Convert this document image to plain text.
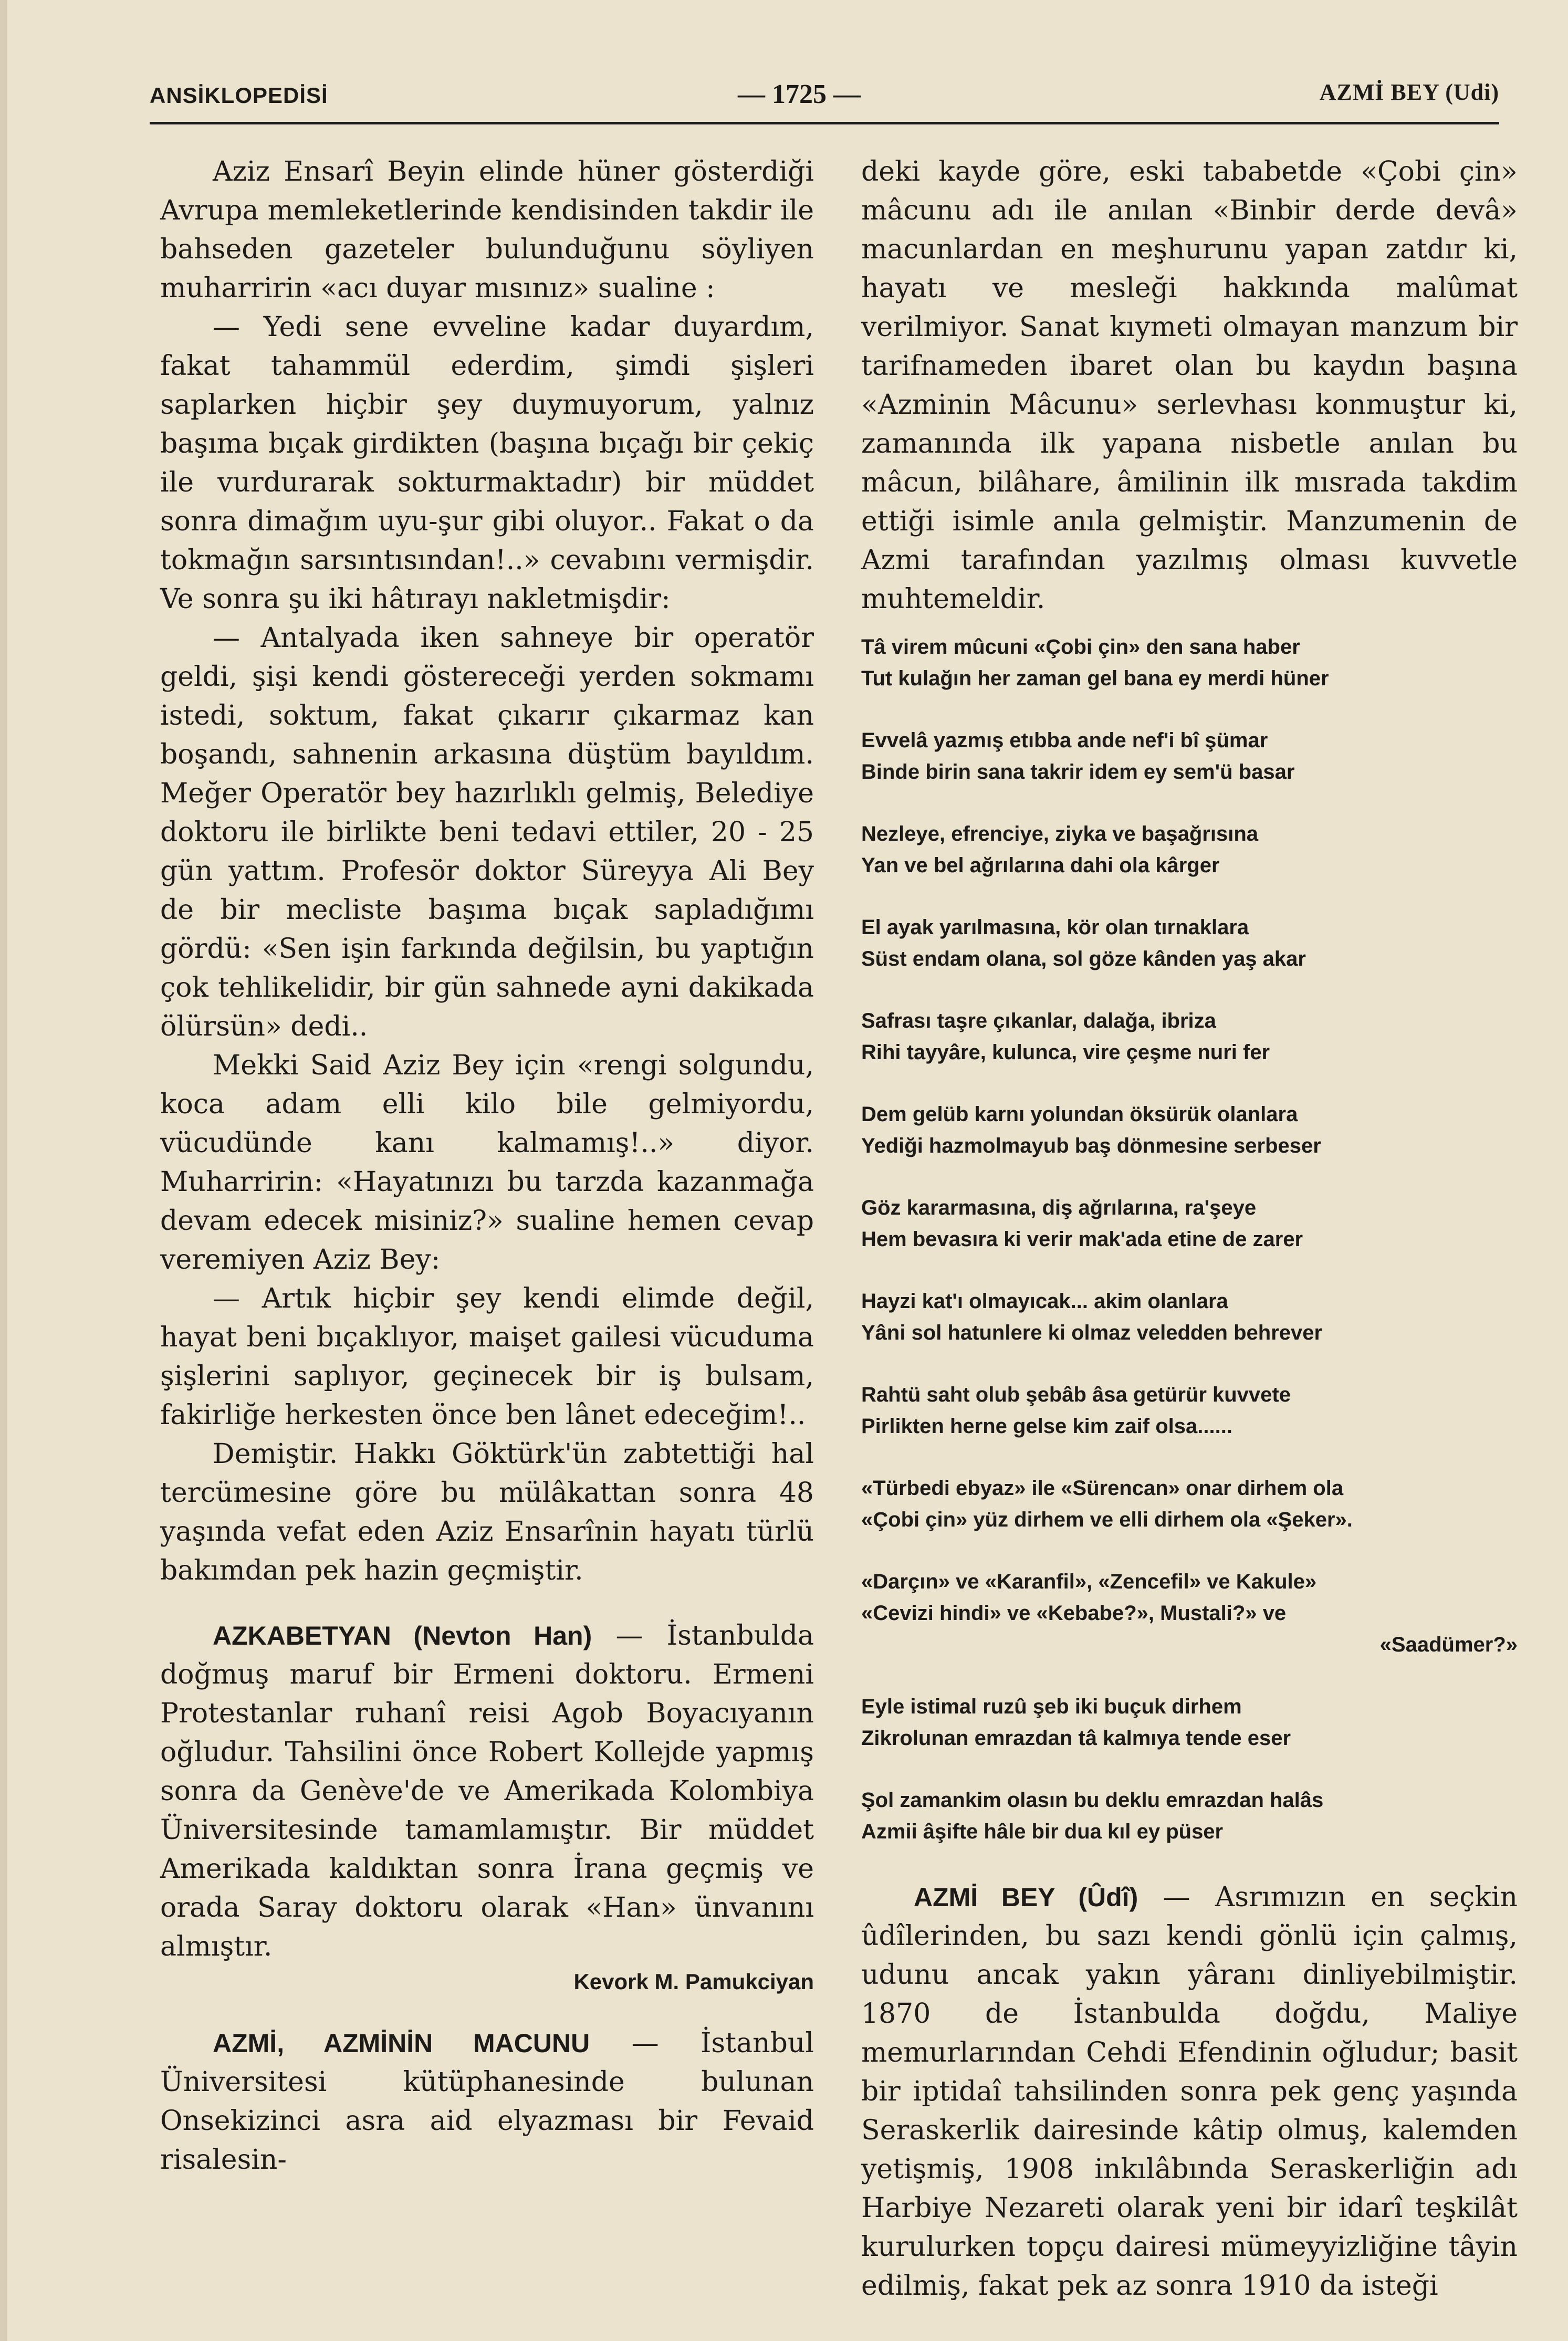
ANSİKLOPEDİSİ	— 1725 —	AZMİ BEY (Udi)

Aziz Ensarî Beyin elinde hüner gösterdiği Avrupa memleketlerinde kendisinden takdir ile bahseden gazeteler bulunduğunu söyliyen muharririn «acı duyar mısınız» sualine :

— Yedi sene evveline kadar duyardım, fakat tahammül ederdim, şimdi şişleri saplarken hiçbir şey duymuyorum, yalnız başıma bıçak girdikten (başına bıçağı bir çekiç ile vurdurarak sokturmaktadır) bir müddet sonra dimağım uyu-şur gibi oluyor.. Fakat o da tokmağın sarsıntısından!..» cevabını vermişdir. Ve sonra şu iki hâtırayı nakletmişdir:

— Antalyada iken sahneye bir operatör geldi, şişi kendi göstereceği yerden sokmamı istedi, soktum, fakat çıkarır çıkarmaz kan boşandı, sahnenin arkasına düştüm bayıldım. Meğer Operatör bey hazırlıklı gelmiş, Belediye doktoru ile birlikte beni tedavi ettiler, 20 - 25 gün yattım. Profesör doktor Süreyya Ali Bey de bir mecliste başıma bıçak sapladığımı gördü: «Sen işin farkında değilsin, bu yaptığın çok tehlikelidir, bir gün sahnede ayni dakikada ölürsün» dedi..

Mekki Said Aziz Bey için «rengi solgundu, koca adam elli kilo bile gelmiyordu, vücudünde kanı kalmamış!..» diyor. Muharririn: «Hayatınızı bu tarzda kazanmağa devam edecek misiniz?» sualine hemen cevap veremiyen Aziz Bey:

— Artık hiçbir şey kendi elimde değil, hayat beni bıçaklıyor, maişet gailesi vücuduma şişlerini saplıyor, geçinecek bir iş bulsam, fakirliğe herkesten önce ben lânet edeceğim!..

Demiştir. Hakkı Göktürk'ün zabtettiği hal tercümesine göre bu mülâkattan sonra 48 yaşında vefat eden Aziz Ensarînin hayatı türlü bakımdan pek hazin geçmiştir.

AZKABETYAN (Nevton Han) — İstanbulda doğmuş maruf bir Ermeni doktoru. Ermeni Protestanlar ruhanî reisi Agob Boyacıyanın oğludur. Tahsilini önce Robert Kollejde yapmış sonra da Genève'de ve Amerikada Kolombiya Üniversitesinde tamamlamıştır. Bir müddet Amerikada kaldıktan sonra İrana geçmiş ve orada Saray doktoru olarak «Han» ünvanını almıştır.

Kevork M. Pamukciyan

AZMİ, AZMİNİN MACUNU — İstanbul Üniversitesi kütüphanesinde bulunan Onsekizinci asra aid elyazması bir Fevaid risalesin-

deki kayde göre, eski tababetde «Çobi çin» mâcunu adı ile anılan «Binbir derde devâ» macunlardan en meşhurunu yapan zatdır ki, hayatı ve mesleği hakkında malûmat verilmiyor. Sanat kıymeti olmayan manzum bir tarifnameden ibaret olan bu kaydın başına «Azminin Mâcunu» serlevhası konmuştur ki, zamanında ilk yapana nisbetle anılan bu mâcun, bilâhare, âmilinin ilk mısrada takdim ettiği isimle anıla gelmiştir. Manzumenin de Azmi tarafından yazılmış olması kuvvetle muhtemeldir.

Tâ virem mûcuni «Çobi çin» den sana haber
Tut kulağın her zaman gel bana ey merdi hüner
Evvelâ yazmış etıbba ande nef'i bî şümar
Binde birin sana takrir idem ey sem'ü basar
Nezleye, efrenciye, ziyka ve başağrısına
Yan ve bel ağrılarına dahi ola kârger
El ayak yarılmasına, kör olan tırnaklara
Süst endam olana, sol göze kânden yaş akar
Safrası taşre çıkanlar, dalağa, ibriza
Rihi tayyâre, kulunca, vire çeşme nuri fer
Dem gelüb karnı yolundan öksürük olanlara
Yediği hazmolmayub baş dönmesine serbeser
Göz kararmasına, diş ağrılarına, ra'şeye
Hem bevasıra ki verir mak'ada etine de zarer
Hayzi kat'ı olmayıcak... akim olanlara
Yâni sol hatunlere ki olmaz veledden behrever
Rahtü saht olub şebâb âsa getürür kuvvete
Pirlikten herne gelse kim zaif olsa......
«Türbedi ebyaz» ile «Sürencan» onar dirhem ola
«Çobi çin» yüz dirhem ve elli dirhem ola «Şeker».
«Darçın» ve «Karanfil», «Zencefil» ve Kakule»
«Cevizi hindi» ve «Kebabe?», Mustali?» ve
«Saadümer?»
Eyle istimal ruzû şeb iki buçuk dirhem
Zikrolunan emrazdan tâ kalmıya tende eser
Şol zamankim olasın bu deklu emrazdan halâs
Azmii âşifte hâle bir dua kıl ey püser

AZMİ BEY (Ûdî) — Asrımızın en seçkin ûdîlerinden, bu sazı kendi gönlü için çalmış, udunu ancak yakın yâranı dinliyebilmiştir. 1870 de İstanbulda doğdu, Maliye memurlarından Cehdi Efendinin oğludur; basit bir iptidaî tahsilinden sonra pek genç yaşında Seraskerlik dairesinde kâtip olmuş, kalemden yetişmiş, 1908 inkılâbında Seraskerliğin adı Harbiye Nezareti olarak yeni bir idarî teşkilât kurulurken topçu dairesi mümeyyizliğine tâyin edilmiş, fakat pek az sonra 1910 da isteği
